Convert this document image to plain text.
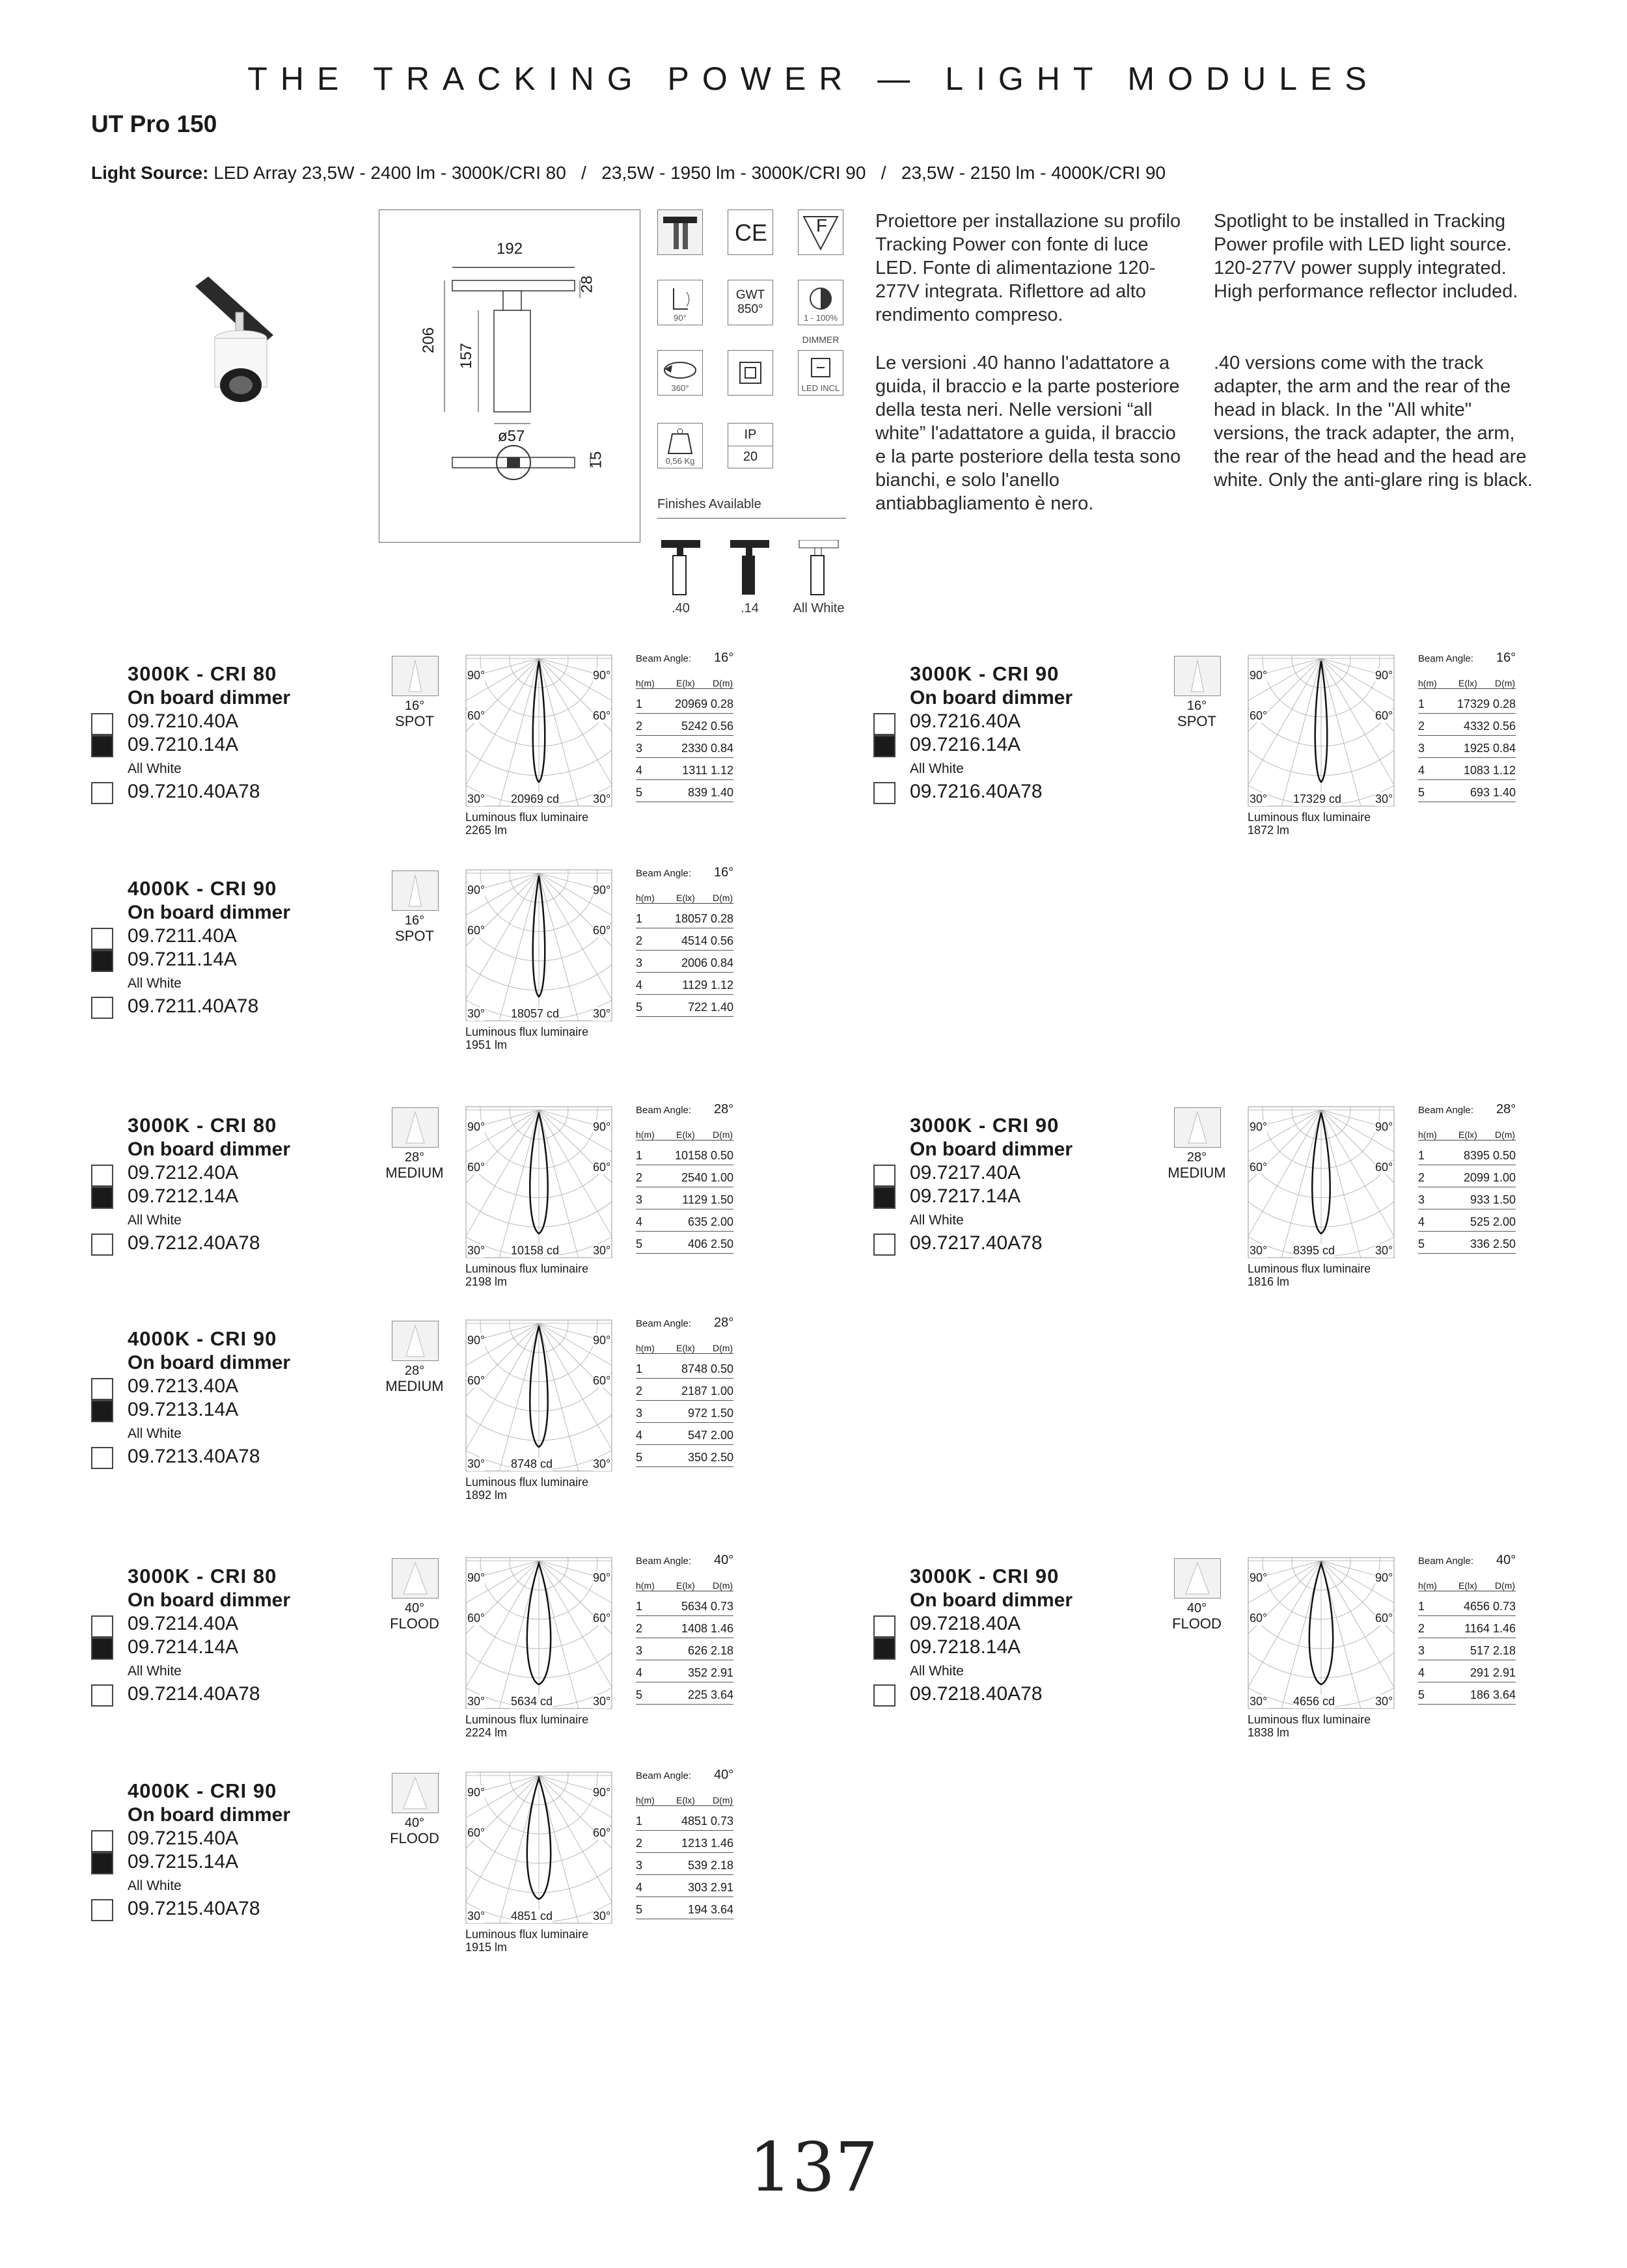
THE TRACKING POWER — LIGHT MODULES
UT Pro 150
Light Source: LED Array 23,5W - 2400 lm - 3000K/CRI 80   /   23,5W - 1950 lm - 3000K/CRI 90   /   23,5W - 2150 lm - 4000K/CRI 90
192
28
206
157
ø57
15
CE	F
90°
GWT
850°
1 - 100%
DIMMER
360°	LED INCL
0,56 Kg
IP
20
Finishes Available
.40	.14	All White
Proiettore per installazione su profilo Tracking Power con fonte di luce LED. Fonte di alimentazione 120-277V integrata. Riflettore ad alto rendimento compreso.
Le versioni .40 hanno l'adattatore a guida, il braccio e la parte posteriore della testa neri. Nelle versioni “all white” l'adattatore a guida, il braccio e la parte posteriore della testa sono bianchi, e solo l'anello antiabbagliamento è nero.
Spotlight to be installed in Tracking Power profile with LED light source. 120-277V power supply integrated. High performance reflector included.
.40 versions come with the track adapter, the arm and the rear of the head in black. In the "All white" versions, the track adapter, the arm, the rear of the head and the head are white. Only the anti-glare ring is black.
3000K - CRI 80
On board dimmer
09.7210.40A
09.7210.14A
All White
09.7210.40A78
16°
SPOT
90°	90°
60°	60°
30°	30°
20969 cd
Luminous flux luminaire
2265 lm
Beam Angle: 16°
h(m) E(lx) D(m)
1	20969 0.28
2	5242 0.56
3	2330 0.84
4	1311 1.12
5	839 1.40
3000K - CRI 90
On board dimmer
09.7216.40A
09.7216.14A
All White
09.7216.40A78
16°
SPOT
90°	90°
60°	60°
30°	30°
17329 cd
Luminous flux luminaire
1872 lm
Beam Angle: 16°
h(m) E(lx) D(m)
1	17329 0.28
2	4332 0.56
3	1925 0.84
4	1083 1.12
5	693 1.40
4000K - CRI 90
On board dimmer
09.7211.40A
09.7211.14A
All White
09.7211.40A78
16°
SPOT
90°	90°
60°	60°
30°	30°
18057 cd
Luminous flux luminaire
1951 lm
Beam Angle: 16°
h(m) E(lx) D(m)
1	18057 0.28
2	4514 0.56
3	2006 0.84
4	1129 1.12
5	722 1.40
3000K - CRI 80
On board dimmer
09.7212.40A
09.7212.14A
All White
09.7212.40A78
28°
MEDIUM
90°	90°
60°	60°
30°	30°
10158 cd
Luminous flux luminaire
2198 lm
Beam Angle: 28°
h(m) E(lx) D(m)
1	10158 0.50
2	2540 1.00
3	1129 1.50
4	635 2.00
5	406 2.50
3000K - CRI 90
On board dimmer
09.7217.40A
09.7217.14A
All White
09.7217.40A78
28°
MEDIUM
90°	90°
60°	60°
30°	30°
8395 cd
Luminous flux luminaire
1816 lm
Beam Angle: 28°
h(m) E(lx) D(m)
1	8395 0.50
2	2099 1.00
3	933 1.50
4	525 2.00
5	336 2.50
4000K - CRI 90
On board dimmer
09.7213.40A
09.7213.14A
All White
09.7213.40A78
28°
MEDIUM
90°	90°
60°	60°
30°	30°
8748 cd
Luminous flux luminaire
1892 lm
Beam Angle: 28°
h(m) E(lx) D(m)
1	8748 0.50
2	2187 1.00
3	972 1.50
4	547 2.00
5	350 2.50
3000K - CRI 80
On board dimmer
09.7214.40A
09.7214.14A
All White
09.7214.40A78
40°
FLOOD
90°	90°
60°	60°
30°	30°
5634 cd
Luminous flux luminaire
2224 lm
Beam Angle: 40°
h(m) E(lx) D(m)
1	5634 0.73
2	1408 1.46
3	626 2.18
4	352 2.91
5	225 3.64
3000K - CRI 90
On board dimmer
09.7218.40A
09.7218.14A
All White
09.7218.40A78
40°
FLOOD
90°	90°
60°	60°
30°	30°
4656 cd
Luminous flux luminaire
1838 lm
Beam Angle: 40°
h(m) E(lx) D(m)
1	4656 0.73
2	1164 1.46
3	517 2.18
4	291 2.91
5	186 3.64
4000K - CRI 90
On board dimmer
09.7215.40A
09.7215.14A
All White
09.7215.40A78
40°
FLOOD
90°	90°
60°	60°
30°	30°
4851 cd
Luminous flux luminaire
1915 lm
Beam Angle: 40°
h(m) E(lx) D(m)
1	4851 0.73
2	1213 1.46
3	539 2.18
4	303 2.91
5	194 3.64
137
